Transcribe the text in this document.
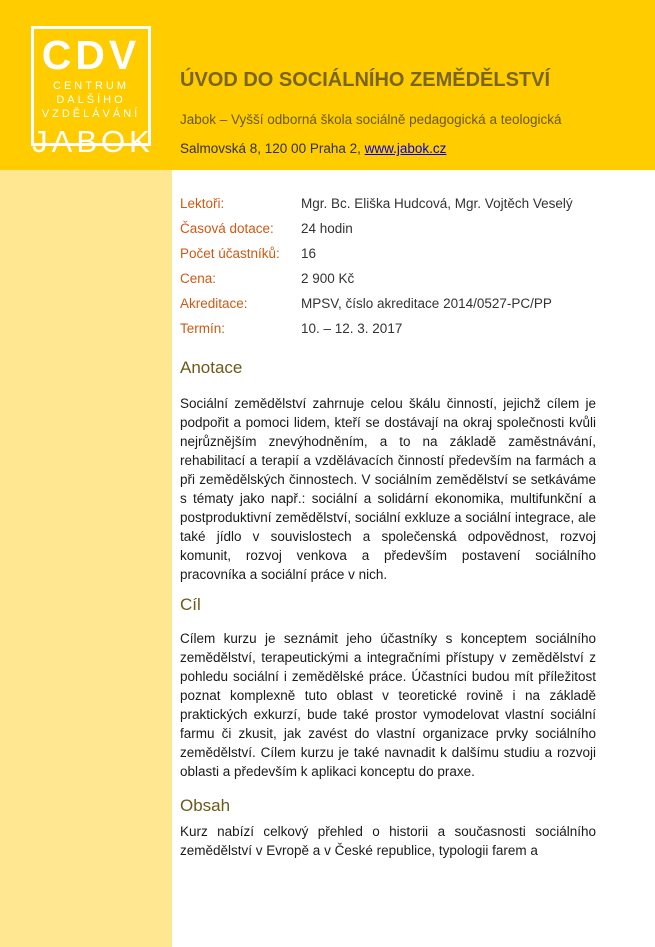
CDV
CENTRUM
DALŠÍHO
VZDĚLÁVÁNÍ
JABOK
ÚVOD DO SOCIÁLNÍHO ZEMĚDĚLSTVÍ
Jabok – Vyšší odborná škola sociálně pedagogická a teologická
Salmovská 8, 120 00 Praha 2, www.jabok.cz
Lektoři:	Mgr. Bc. Eliška Hudcová, Mgr. Vojtěch Veselý
Časová dotace: 24 hodin
Počet účastníků: 16
Cena:	2 900 Kč
Akreditace:	MPSV, číslo akreditace 2014/0527-PC/PP
Termín:	10. – 12. 3. 2017
Anotace

Sociální zemědělství zahrnuje celou škálu činností, jejichž cílem je podpořit a pomoci lidem, kteří se dostávají na okraj společnosti kvůli nejrůznějším znevýhodněním, a to na základě zaměstnávání, rehabilitací a terapií a vzdělávacích činností především na farmách a při zemědělských činnostech. V sociálním zemědělství se setkáváme s tématy jako např.: sociální a solidární ekonomika, multifunkční a postproduktivní zemědělství, sociální exkluze a sociální integrace, ale také jídlo v souvislostech a společenská odpovědnost, rozvoj komunit, rozvoj venkova a především postavení sociálního pracovníka a sociální práce v nich.

Cíl

Cílem kurzu je seznámit jeho účastníky s konceptem sociálního zemědělství, terapeutickými a integračními přístupy v zemědělství z pohledu sociální i zemědělské práce. Účastníci budou mít příležitost poznat komplexně tuto oblast v teoretické rovině i na základě praktických exkurzí, bude také prostor vymodelovat vlastní sociální farmu či zkusit, jak zavést do vlastní organizace prvky sociálního zemědělství. Cílem kurzu je také navnadit k dalšímu studiu a rozvoji oblasti a především k aplikaci konceptu do praxe.

Obsah

Kurz nabízí celkový přehled o historii a současnosti sociálního zemědělství v Evropě a v České republice, typologii farem a
